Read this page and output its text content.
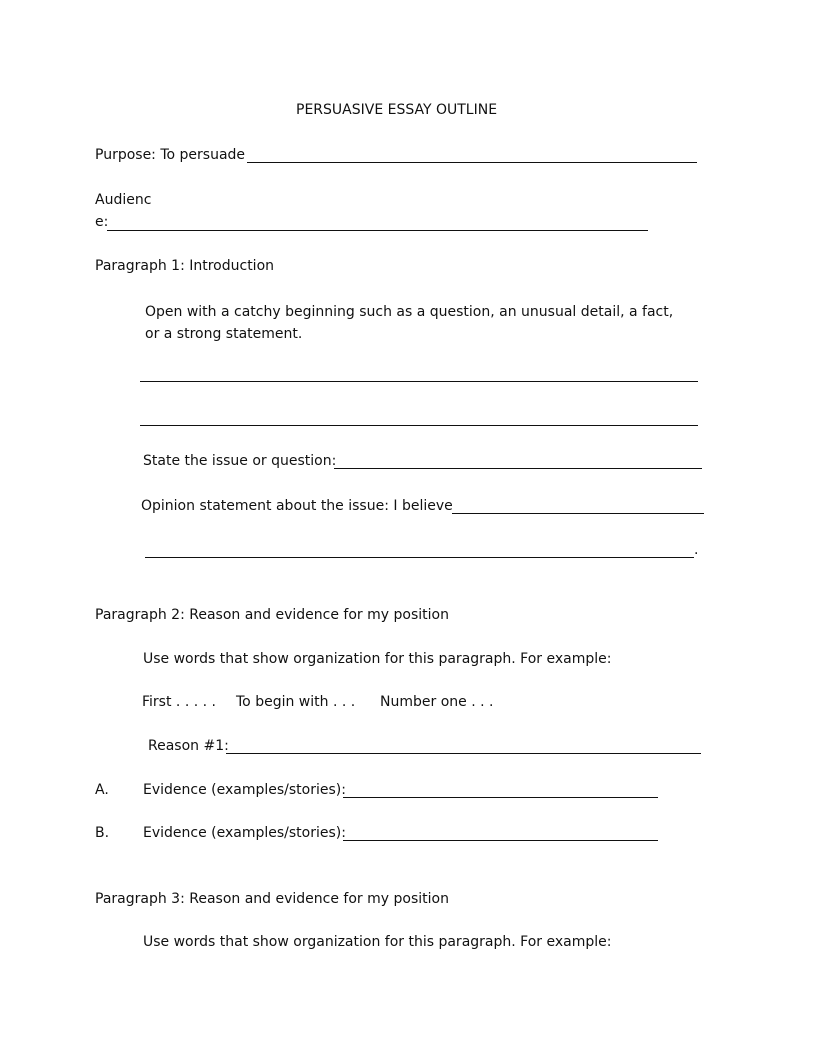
PERSUASIVE ESSAY OUTLINE

Purpose: To persuade

Audienc

e:

Paragraph 1: Introduction

Open with a catchy beginning such as a question, an unusual detail, a fact, or a strong statement.

State the issue or question:

Opinion statement about the issue: I believe

.

Paragraph 2: Reason and evidence for my position

Use words that show organization for this paragraph. For example:

First . . . . . To begin with . . . Number one . . .

Reason #1:

A. Evidence (examples/stories):

B. Evidence (examples/stories):

Paragraph 3: Reason and evidence for my position

Use words that show organization for this paragraph. For example:
